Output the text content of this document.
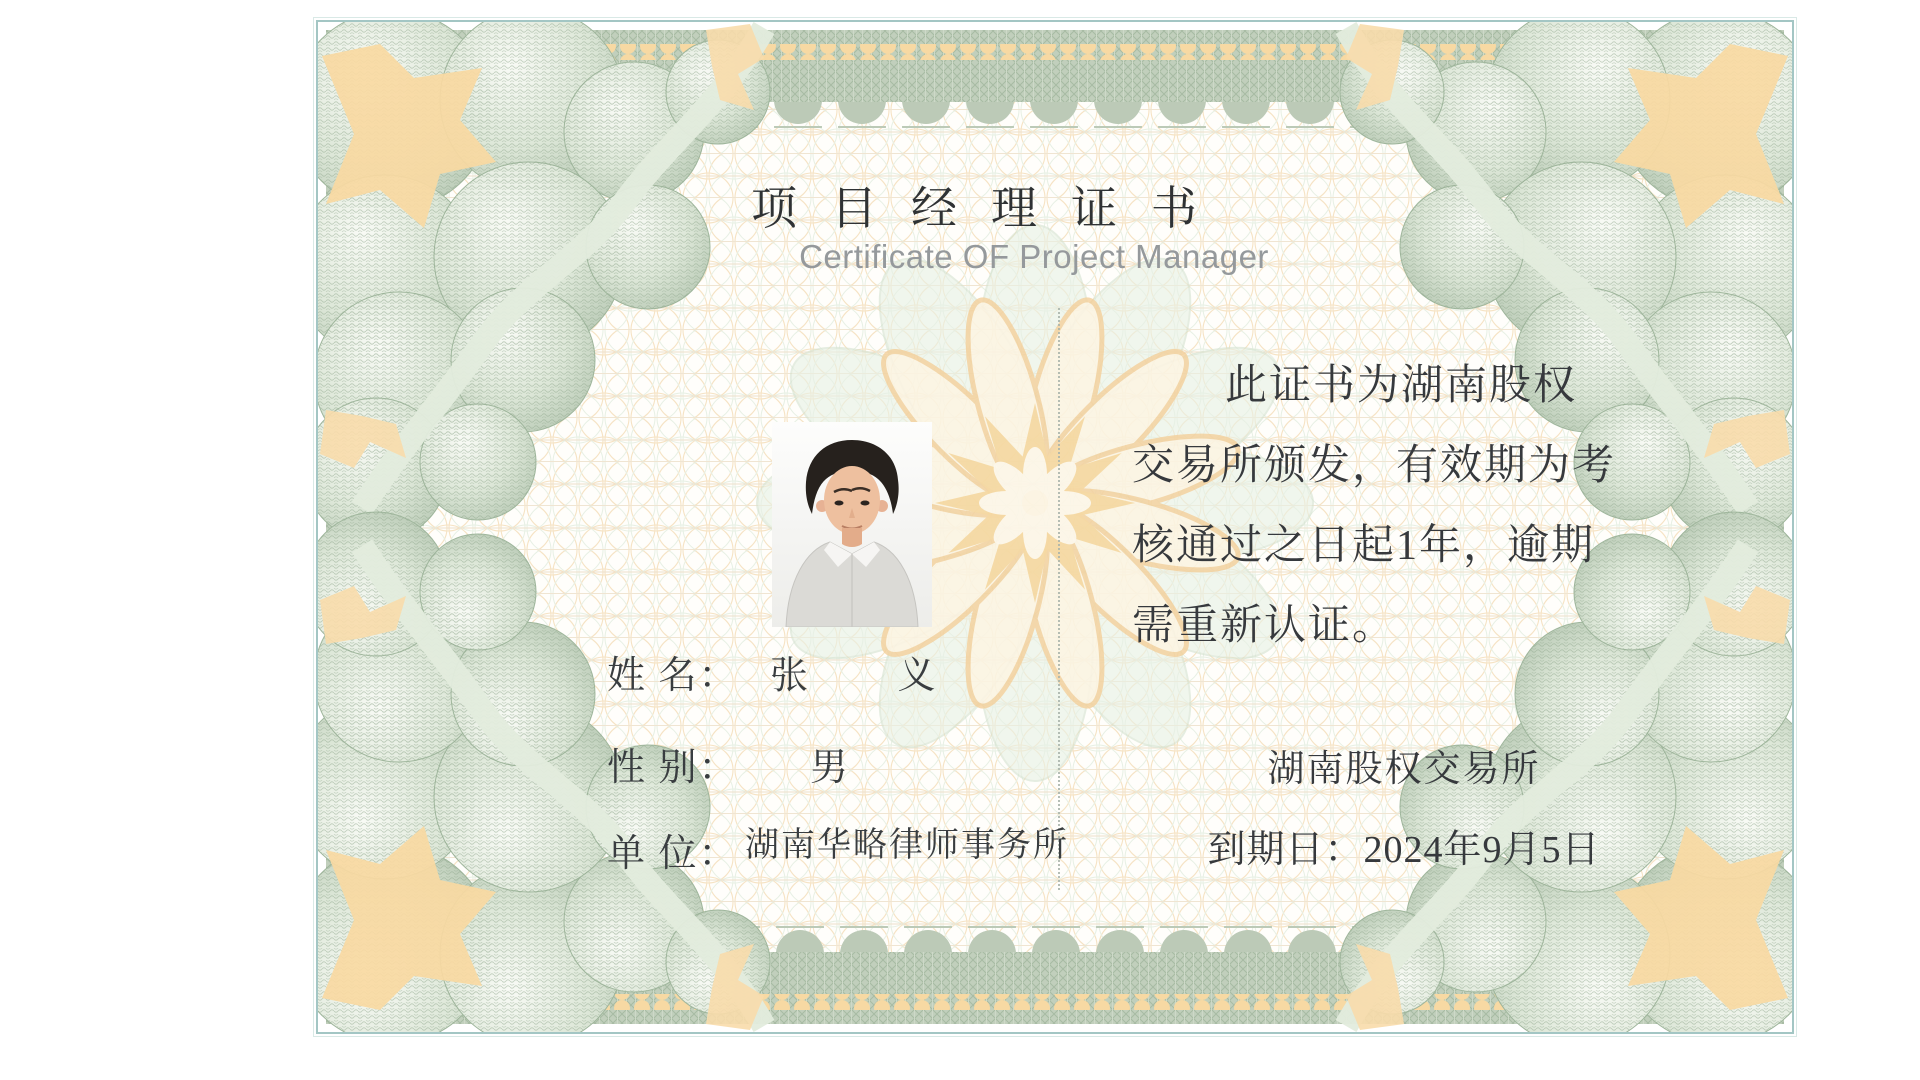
项目经理证书
Certificate OF Project Manager
姓 名： 张 义
性 别： 男
单 位： 湖南华略律师事务所
此证书为湖南股权
交易所颁发，有效期为考
核通过之日起1年，逾期
需重新认证。
湖南股权交易所
到期日：2024年9月5日
